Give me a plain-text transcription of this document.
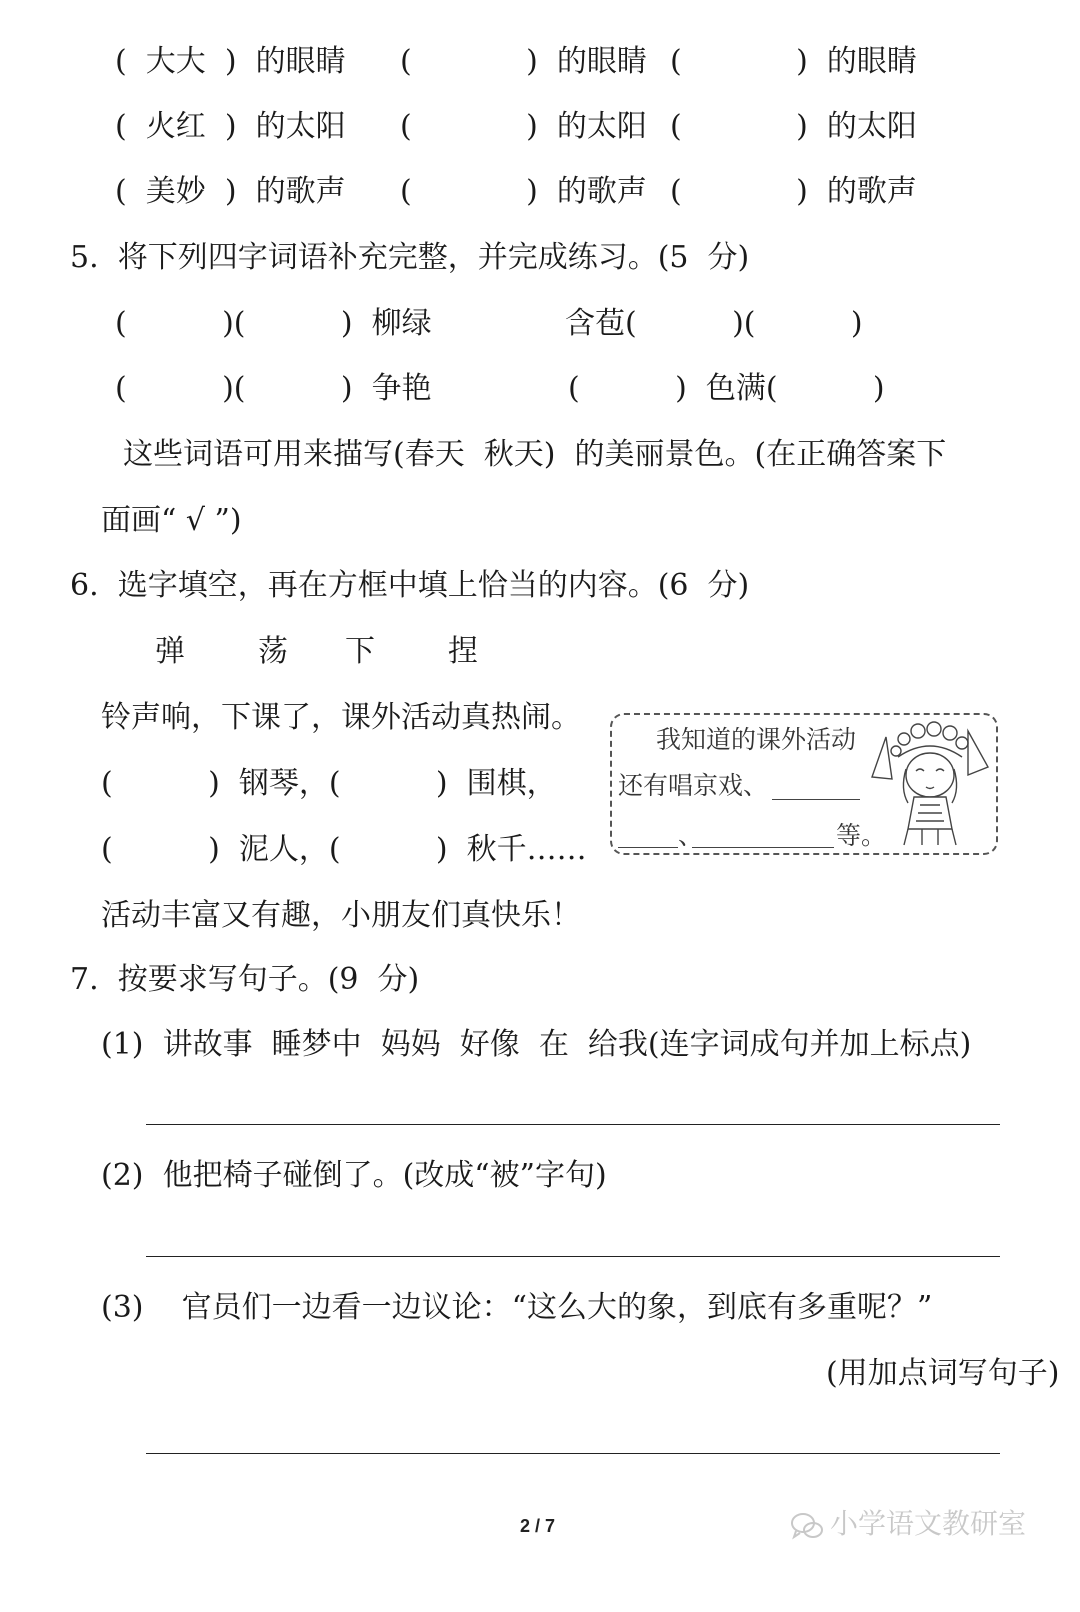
(  大大  )  的眼睛 (            )  的眼睛 (            )  的眼睛
(  火红  )  的太阳 (            )  的太阳 (            )  的太阳
(  美妙  )  的歌声 (            )  的歌声 (            )  的歌声
5.  将下列四字词语补充完整，并完成练习。(5  分)
(          )(          )  柳绿	含苞(          )(          )
(          )(          )  争艳	(          )  色满(          )
这些词语可用来描写(春天  秋天)  的美丽景色。(在正确答案下
面画“ √ ”)
6.  选字填空，再在方框中填上恰当的内容。(6  分)
弹 荡 下 捏
铃声响，下课了，课外活动真热闹。
(          )  钢琴，(          )  围棋，
(          )  泥人，(          )  秋千……
活动丰富又有趣，小朋友们真快乐！
我知道的课外活动
还有唱京戏、
、	等。
7.  按要求写句子。(9  分)
(1)  讲故事  睡梦中  妈妈  好像  在  给我(连字词成句并加上标点)
(2)  他把椅子碰倒了。(改成“被”字句)
(3)    官员们一边看一边议论：“这么大的象，到底有多重呢？”
(用加点词写句子)
2 / 7	小学语文教研室
